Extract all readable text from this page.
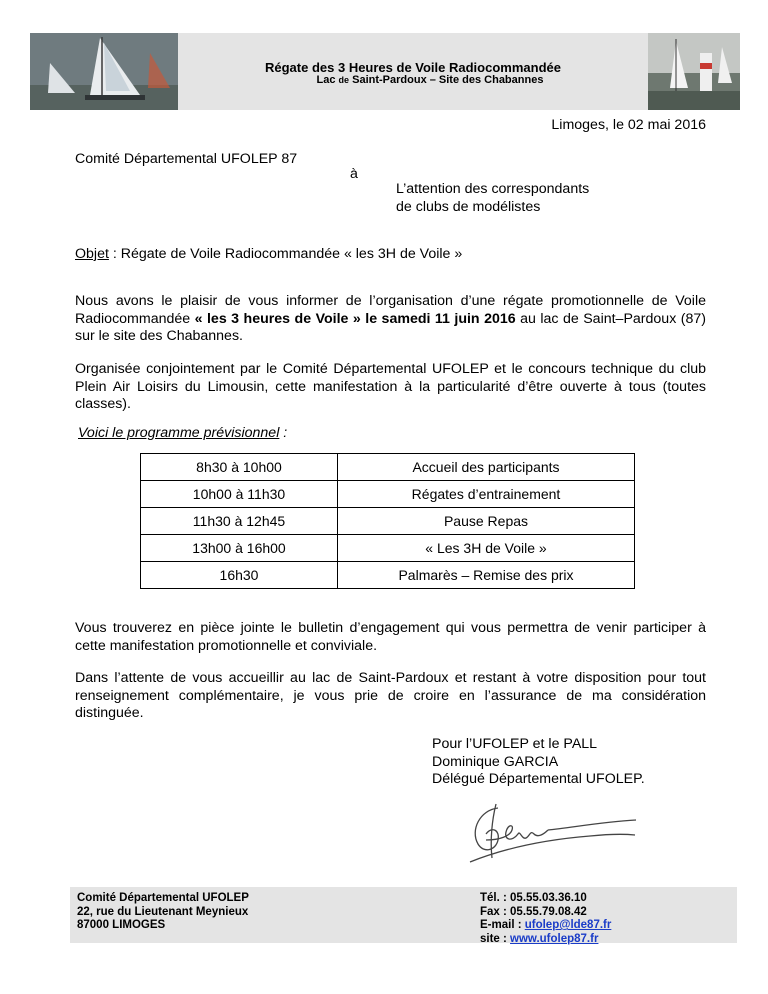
Régate des 3 Heures de Voile Radiocommandée
Lac de Saint-Pardoux – Site des Chabannes
Limoges, le 02 mai 2016
Comité Départemental UFOLEP 87
à
L’attention des correspondants
de clubs de modélistes
Objet : Régate de Voile Radiocommandée « les 3H de Voile »
Nous avons le plaisir de vous informer de l’organisation d’une régate promotionnelle de Voile Radiocommandée « les 3 heures de Voile » le samedi 11 juin 2016 au lac de Saint–Pardoux (87) sur le site des Chabannes.
Organisée conjointement par le Comité Départemental UFOLEP et le concours technique du club Plein Air Loisirs du Limousin, cette manifestation à la particularité d’être ouverte à tous (toutes classes).
Voici le programme prévisionnel :
8h30 à 10h00	Accueil des participants
10h00 à 11h30	Régates d’entrainement
11h30 à 12h45	Pause Repas
13h00 à 16h00	« Les 3H de Voile »
16h30	Palmarès – Remise des prix
Vous trouverez en pièce jointe le bulletin d’engagement qui vous permettra de venir participer à cette manifestation promotionnelle et conviviale.
Dans l’attente de vous accueillir au lac de Saint-Pardoux et restant à votre disposition pour tout renseignement complémentaire, je vous prie de croire en l’assurance de ma considération distinguée.
Pour l’UFOLEP et le PALL
Dominique GARCIA
Délégué Départemental UFOLEP.
Comité Départemental UFOLEP
22, rue du Lieutenant Meynieux
87000 LIMOGES
Tél. : 05.55.03.36.10
Fax : 05.55.79.08.42
E-mail : ufolep@lde87.fr
site : www.ufolep87.fr
